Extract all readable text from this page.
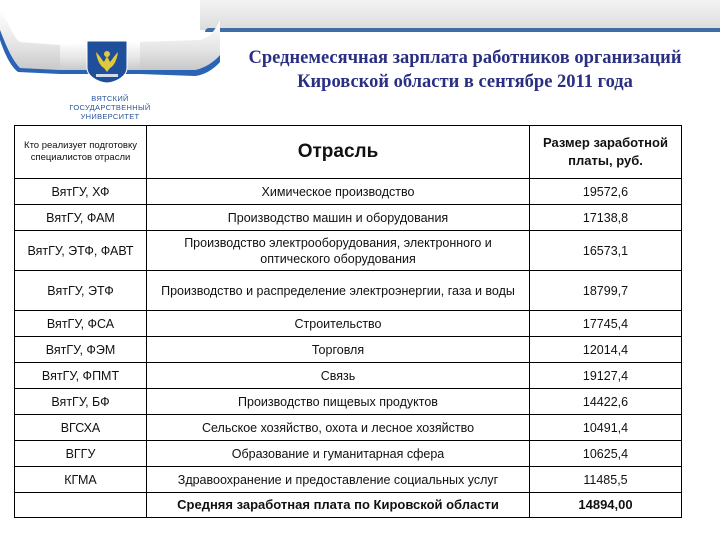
ВЯТСКИЙ
ГОСУДАРСТВЕННЫЙ
УНИВЕРСИТЕТ
Среднемесячная зарплата работников организаций
Кировской области в сентябре 2011 года
Кто реализует подготовку специалистов отрасли	Отрасль	Размер заработной платы, руб.
ВятГУ, ХФ	Химическое производство	19572,6
ВятГУ, ФАМ	Производство машин и оборудования	17138,8
ВятГУ, ЭТФ, ФАВТ	Производство электрооборудования, электронного и оптического оборудования	16573,1
ВятГУ, ЭТФ	Производство и распределение электроэнергии, газа и воды	18799,7
ВятГУ, ФСА	Строительство	17745,4
ВятГУ, ФЭМ	Торговля	12014,4
ВятГУ, ФПМТ	Связь	19127,4
ВятГУ, БФ	Производство пищевых продуктов	14422,6
ВГСХА	Сельское хозяйство, охота и лесное хозяйство	10491,4
ВГГУ	Образование и гуманитарная сфера	10625,4
КГМА	Здравоохранение и предоставление социальных услуг	11485,5
	Средняя заработная плата по Кировской области	14894,00
